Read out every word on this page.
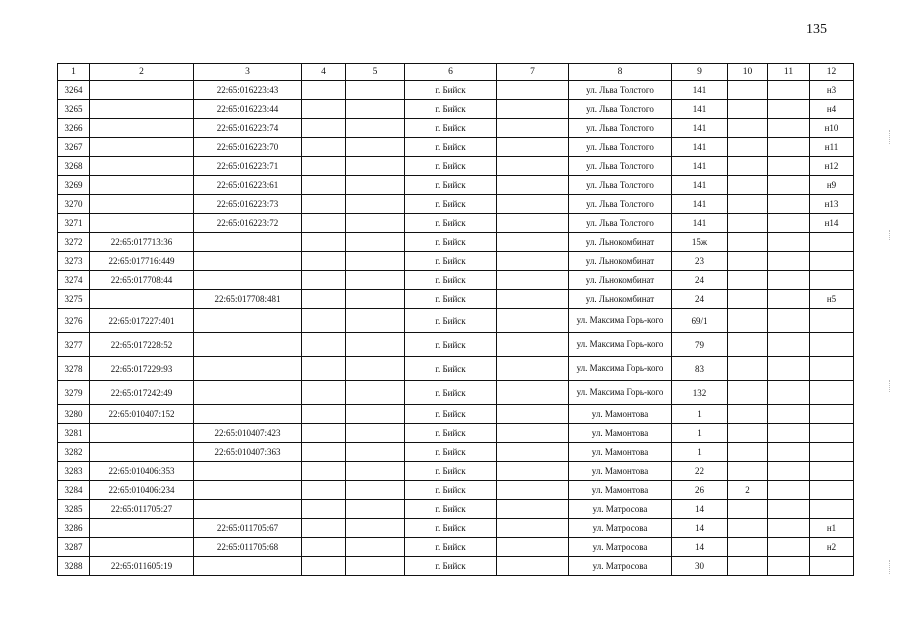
135
1	2	3	4	5	6	7	8	9	10	11	12
3264		22:65:016223:43			г. Бийск		ул. Льва Толстого	141			н3
3265		22:65:016223:44			г. Бийск		ул. Льва Толстого	141			н4
3266		22:65:016223:74			г. Бийск		ул. Льва Толстого	141			н10
3267		22:65:016223:70			г. Бийск		ул. Льва Толстого	141			н11
3268		22:65:016223:71			г. Бийск		ул. Льва Толстого	141			н12
3269		22:65:016223:61			г. Бийск		ул. Льва Толстого	141			н9
3270		22:65:016223:73			г. Бийск		ул. Льва Толстого	141			н13
3271		22:65:016223:72			г. Бийск		ул. Льва Толстого	141			н14
3272	22:65:017713:36				г. Бийск		ул. Льнокомбинат	15ж			
3273	22:65:017716:449				г. Бийск		ул. Льнокомбинат	23			
3274	22:65:017708:44				г. Бийск		ул. Льнокомбинат	24			
3275		22:65:017708:481			г. Бийск		ул. Льнокомбинат	24			н5
3276	22:65:017227:401				г. Бийск		ул. Максима Горь-кого	69/1			
3277	22:65:017228:52				г. Бийск		ул. Максима Горь-кого	79			
3278	22:65:017229:93				г. Бийск		ул. Максима Горь-кого	83			
3279	22:65:017242:49				г. Бийск		ул. Максима Горь-кого	132			
3280	22:65:010407:152				г. Бийск		ул. Мамонтова	1			
3281		22:65:010407:423			г. Бийск		ул. Мамонтова	1			
3282		22:65:010407:363			г. Бийск		ул. Мамонтова	1			
3283	22:65:010406:353				г. Бийск		ул. Мамонтова	22			
3284	22:65:010406:234				г. Бийск		ул. Мамонтова	26	2		
3285	22:65:011705:27				г. Бийск		ул. Матросова	14			
3286		22:65:011705:67			г. Бийск		ул. Матросова	14			н1
3287		22:65:011705:68			г. Бийск		ул. Матросова	14			н2
3288	22:65:011605:19				г. Бийск		ул. Матросова	30			
